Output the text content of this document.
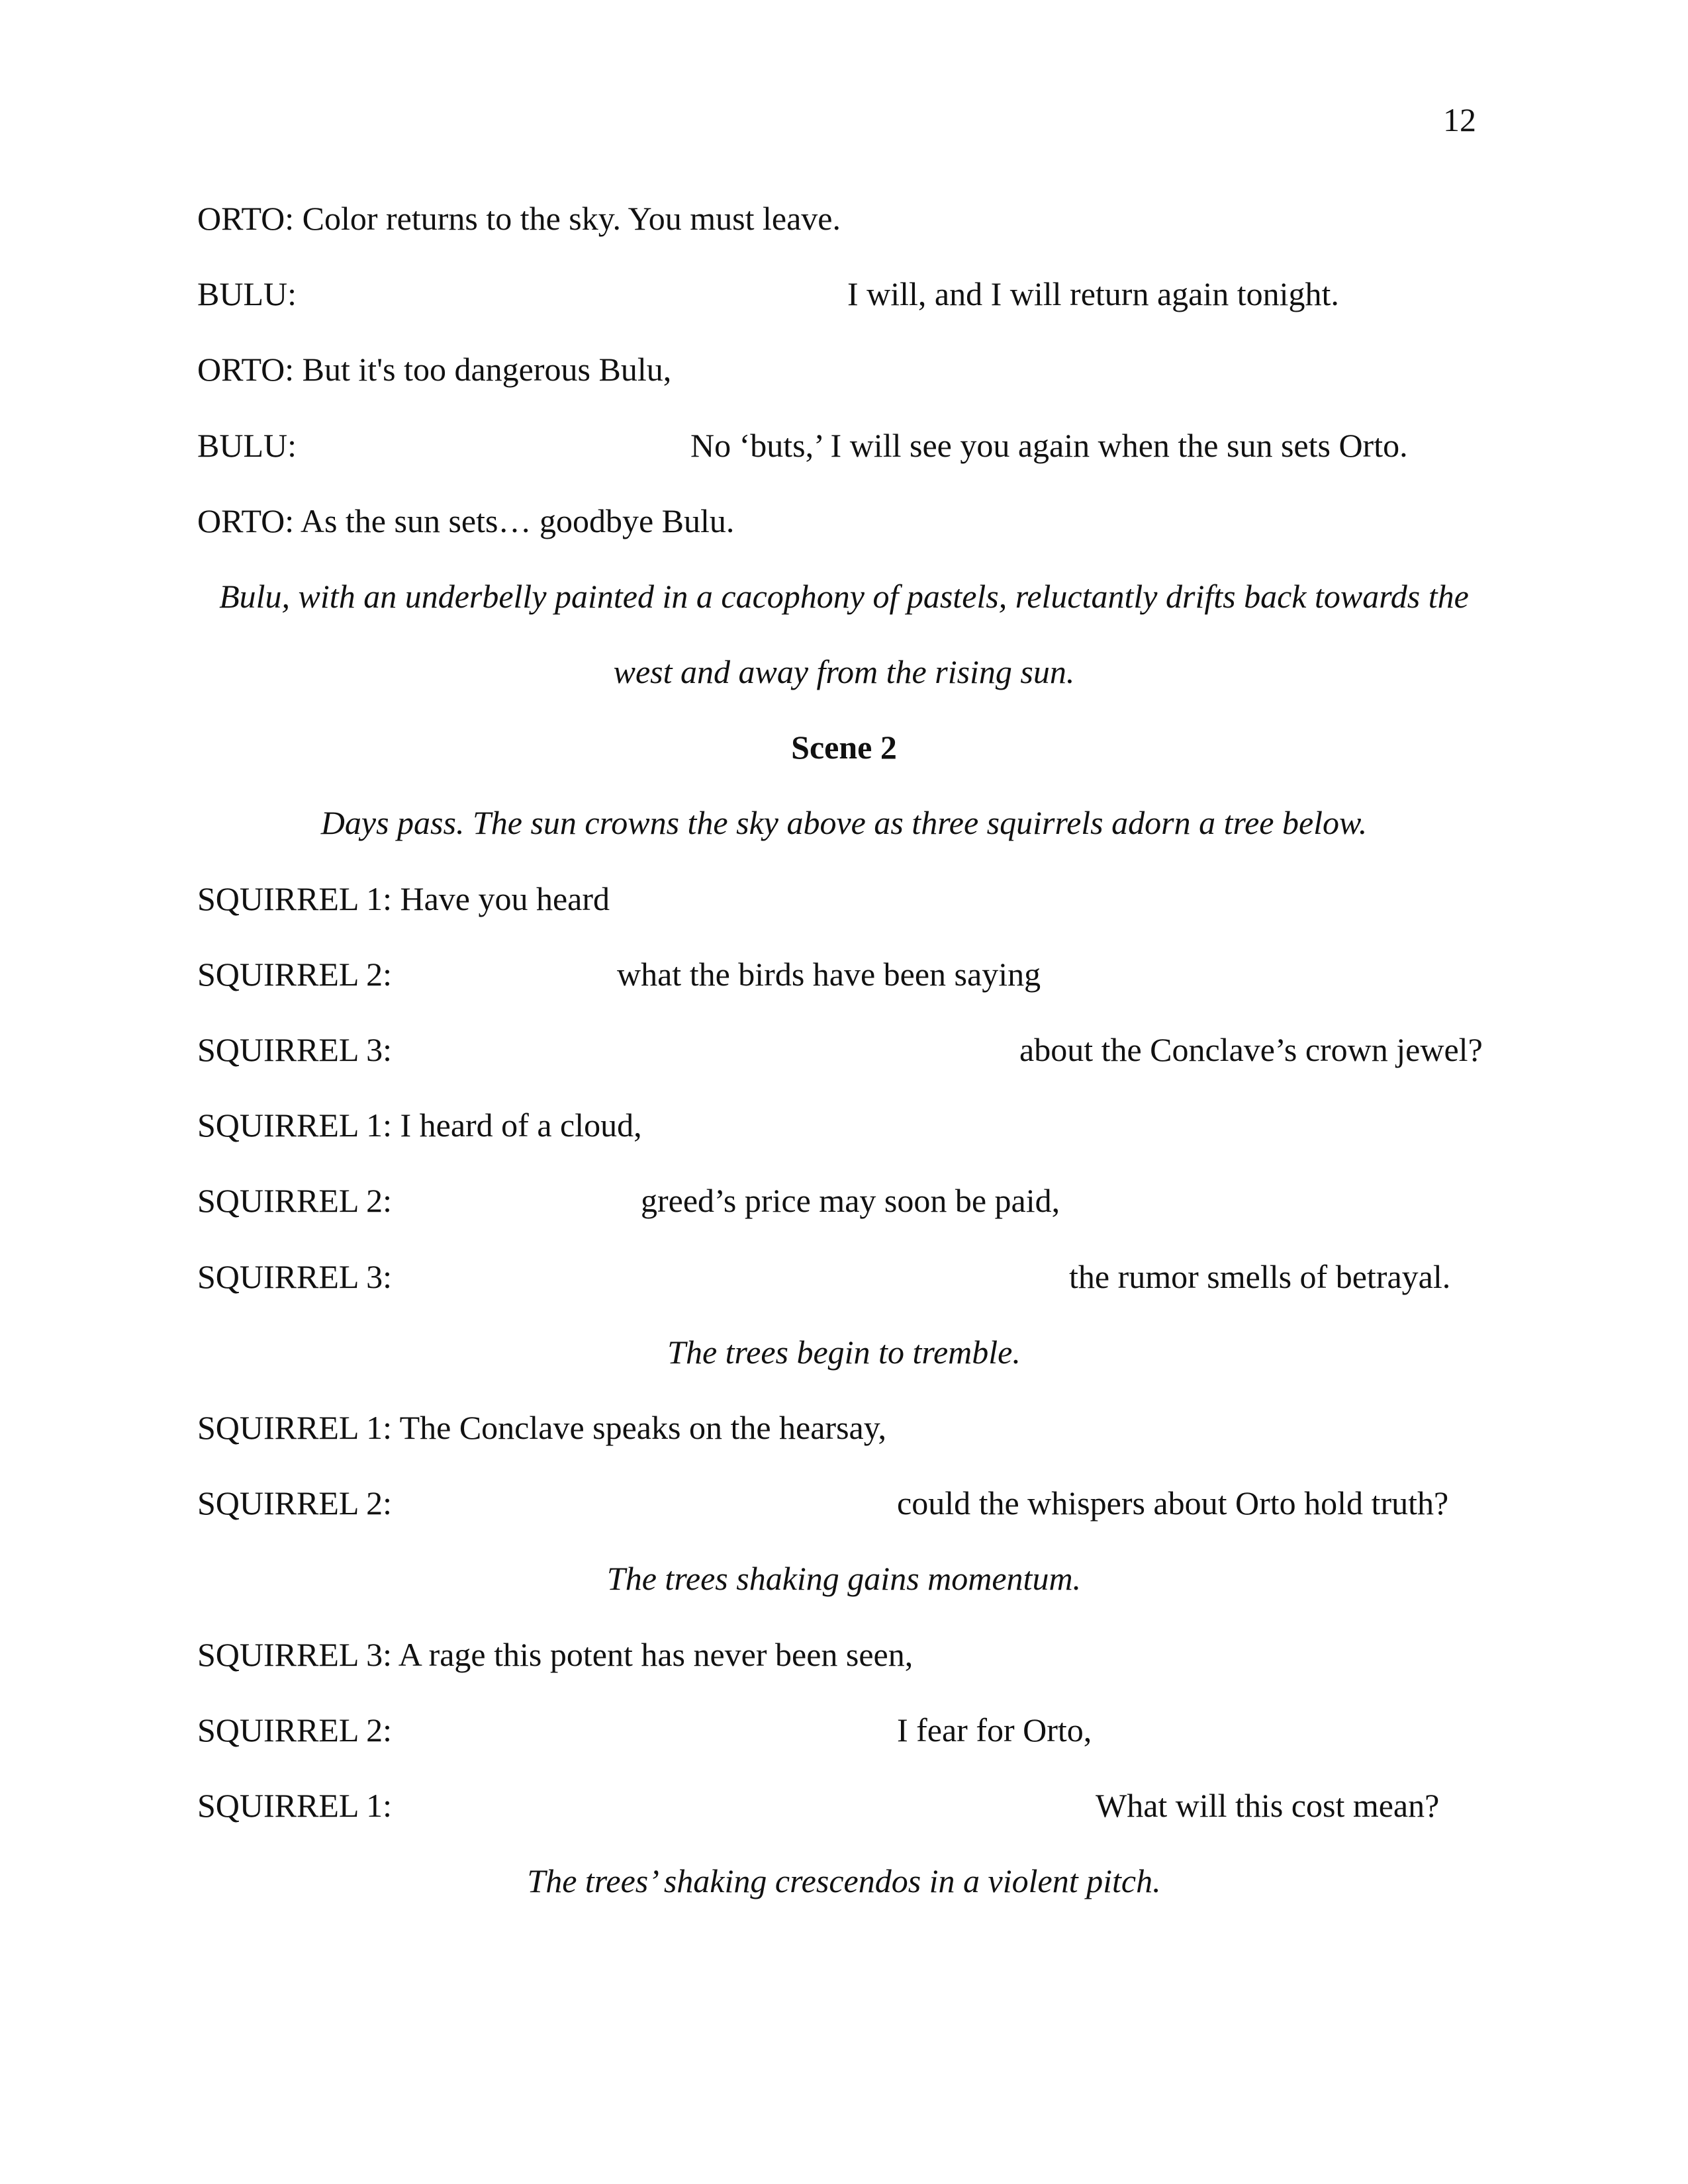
12
ORTO: Color returns to the sky. You must leave.
BULU:	I will, and I will return again tonight.
ORTO: But it's too dangerous Bulu,
BULU:	No ‘buts,’ I will see you again when the sun sets Orto.
ORTO: As the sun sets… goodbye Bulu.
Bulu, with an underbelly painted in a cacophony of pastels, reluctantly drifts back towards the
west and away from the rising sun.
Scene 2
Days pass. The sun crowns the sky above as three squirrels adorn a tree below.
SQUIRREL 1: Have you heard
SQUIRREL 2:	what the birds have been saying
SQUIRREL 3:	about the Conclave’s crown jewel?
SQUIRREL 1: I heard of a cloud,
SQUIRREL 2:	greed’s price may soon be paid,
SQUIRREL 3:	the rumor smells of betrayal.
The trees begin to tremble.
SQUIRREL 1: The Conclave speaks on the hearsay,
SQUIRREL 2:	could the whispers about Orto hold truth?
The trees shaking gains momentum.
SQUIRREL 3: A rage this potent has never been seen,
SQUIRREL 2:	I fear for Orto,
SQUIRREL 1:	What will this cost mean?
The trees’ shaking crescendos in a violent pitch.
